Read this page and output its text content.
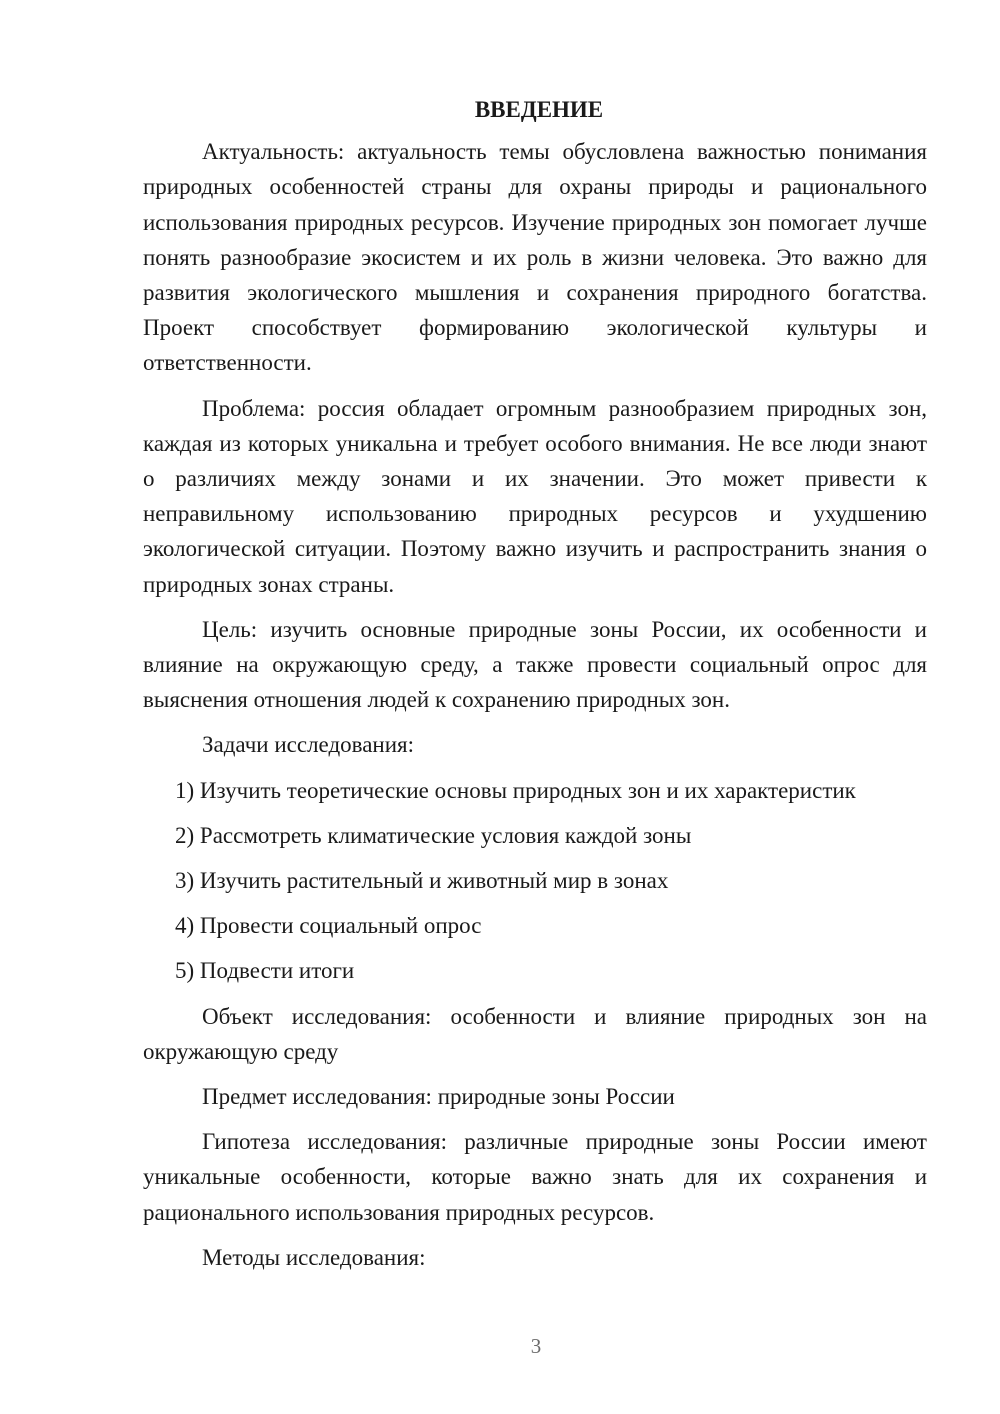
ВВЕДЕНИЕ

Актуальность: актуальность темы обусловлена важностью понимания природных особенностей страны для охраны природы и рационального использования природных ресурсов. Изучение природных зон помогает лучше понять разнообразие экосистем и их роль в жизни человека. Это важно для развития экологического мышления и сохранения природного богатства. Проект способствует формированию экологической культуры и ответственности.

Проблема: россия обладает огромным разнообразием природных зон, каждая из которых уникальна и требует особого внимания. Не все люди знают о различиях между зонами и их значении. Это может привести к неправильному использованию природных ресурсов и ухудшению экологической ситуации. Поэтому важно изучить и распространить знания о природных зонах страны.

Цель: изучить основные природные зоны России, их особенности и влияние на окружающую среду, а также провести социальный опрос для выяснения отношения людей к сохранению природных зон.

Задачи исследования:

1) Изучить теоретические основы природных зон и их характеристик

2) Рассмотреть климатические условия каждой зоны

3) Изучить растительный и животный мир в зонах

4) Провести социальный опрос

5) Подвести итоги

Объект исследования: особенности и влияние природных зон на окружающую среду

Предмет исследования: природные зоны России

Гипотеза исследования: различные природные зоны России имеют уникальные особенности, которые важно знать для их сохранения и рационального использования природных ресурсов.

Методы исследования:

3
